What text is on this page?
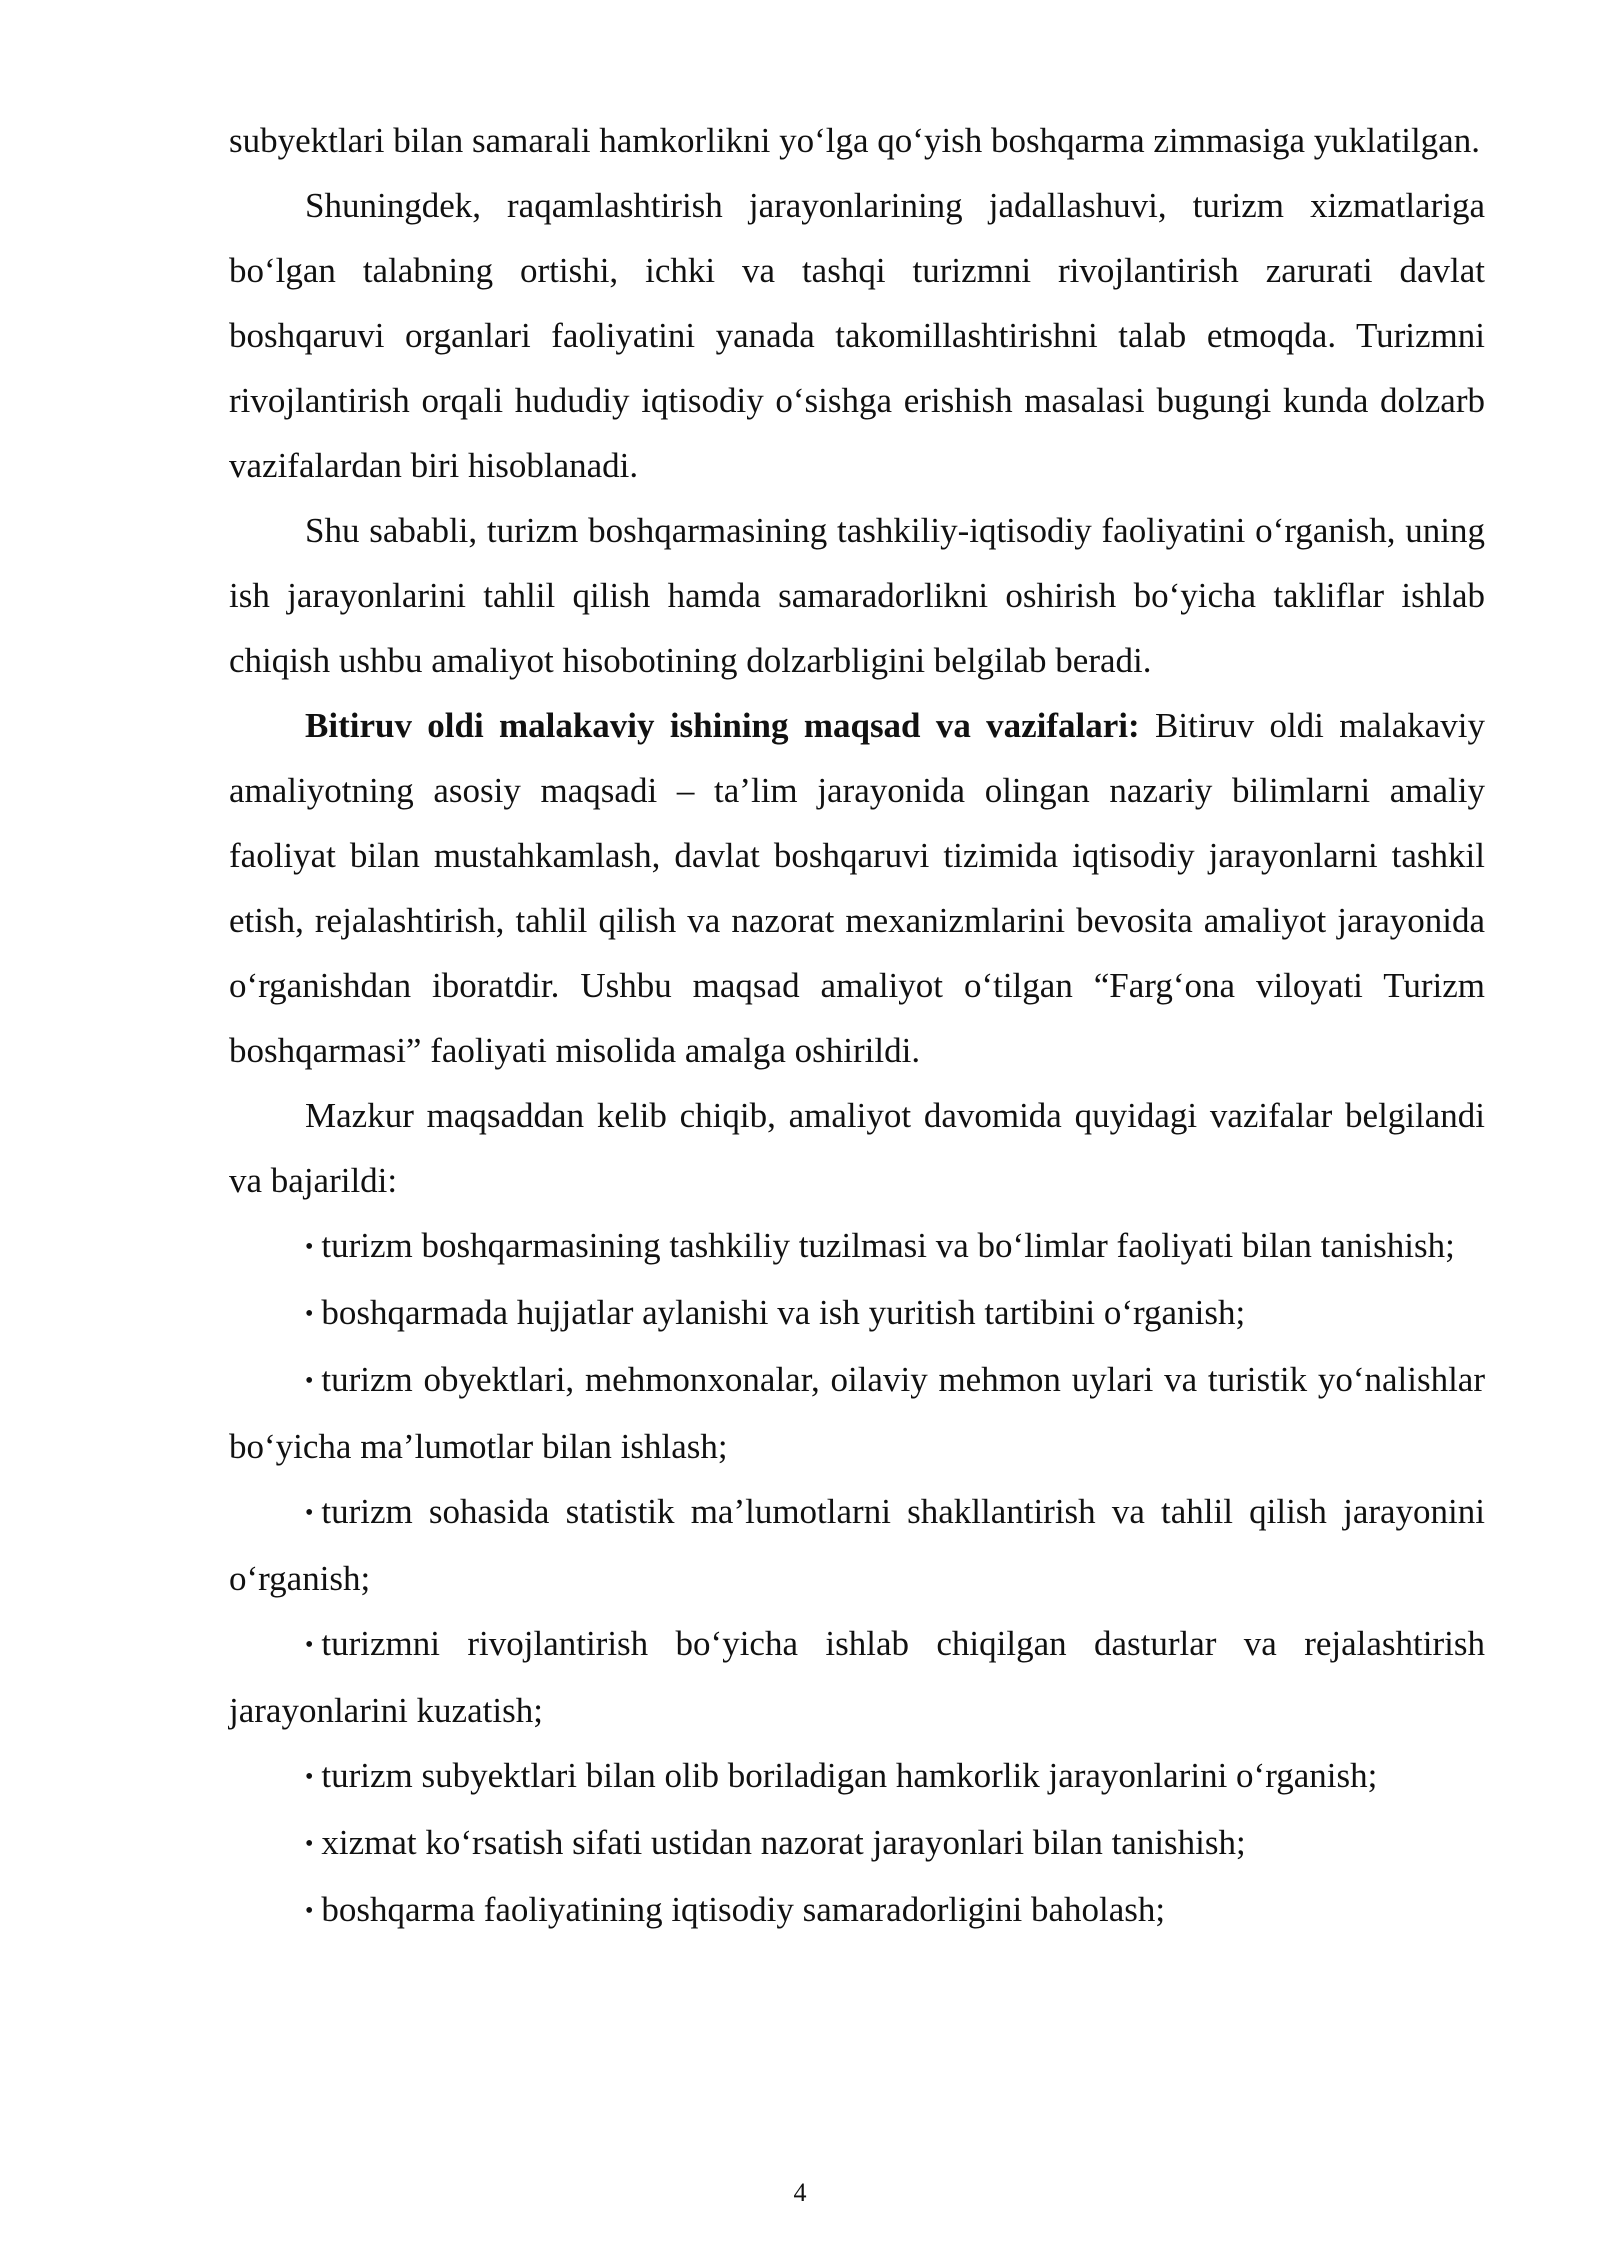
subyektlari bilan samarali hamkorlikni yo‘lga qo‘yish boshqarma zimmasiga yuklatilgan.

Shuningdek, raqamlashtirish jarayonlarining jadallashuvi, turizm xizmatlariga bo‘lgan talabning ortishi, ichki va tashqi turizmni rivojlantirish zarurati davlat boshqaruvi organlari faoliyatini yanada takomillashtirishni talab etmoqda. Turizmni rivojlantirish orqali hududiy iqtisodiy o‘sishga erishish masalasi bugungi kunda dolzarb vazifalardan biri hisoblanadi.

Shu sababli, turizm boshqarmasining tashkiliy-iqtisodiy faoliyatini o‘rganish, uning ish jarayonlarini tahlil qilish hamda samaradorlikni oshirish bo‘yicha takliflar ishlab chiqish ushbu amaliyot hisobotining dolzarbligini belgilab beradi.

Bitiruv oldi malakaviy ishining maqsad va vazifalari: Bitiruv oldi malakaviy amaliyotning asosiy maqsadi – ta’lim jarayonida olingan nazariy bilimlarni amaliy faoliyat bilan mustahkamlash, davlat boshqaruvi tizimida iqtisodiy jarayonlarni tashkil etish, rejalashtirish, tahlil qilish va nazorat mexanizmlarini bevosita amaliyot jarayonida o‘rganishdan iboratdir. Ushbu maqsad amaliyot o‘tilgan “Farg‘ona viloyati Turizm boshqarmasi” faoliyati misolida amalga oshirildi.

Mazkur maqsaddan kelib chiqib, amaliyot davomida quyidagi vazifalar belgilandi va bajarildi:

• turizm boshqarmasining tashkiliy tuzilmasi va bo‘limlar faoliyati bilan tanishish;

• boshqarmada hujjatlar aylanishi va ish yuritish tartibini o‘rganish;

• turizm obyektlari, mehmonxonalar, oilaviy mehmon uylari va turistik yo‘nalishlar bo‘yicha ma’lumotlar bilan ishlash;

• turizm sohasida statistik ma’lumotlarni shakllantirish va tahlil qilish jarayonini o‘rganish;

• turizmni rivojlantirish bo‘yicha ishlab chiqilgan dasturlar va rejalashtirish jarayonlarini kuzatish;

• turizm subyektlari bilan olib boriladigan hamkorlik jarayonlarini o‘rganish;

• xizmat ko‘rsatish sifati ustidan nazorat jarayonlari bilan tanishish;

• boshqarma faoliyatining iqtisodiy samaradorligini baholash;

4
